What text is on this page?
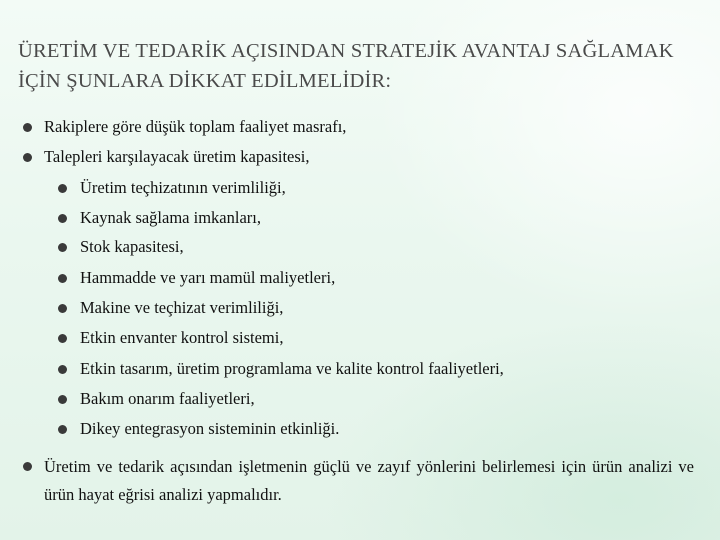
ÜRETİM VE TEDARİK AÇISINDAN STRATEJİK AVANTAJ SAĞLAMAK İÇİN ŞUNLARA DİKKAT EDİLMELİDİR:
Rakiplere göre düşük toplam faaliyet masrafı,
Talepleri karşılayacak üretim kapasitesi,
Üretim teçhizatının verimliliği,
Kaynak sağlama imkanları,
Stok kapasitesi,
Hammadde ve yarı mamül maliyetleri,
Makine ve teçhizat verimliliği,
Etkin envanter kontrol sistemi,
Etkin tasarım, üretim programlama ve kalite kontrol faaliyetleri,
Bakım onarım faaliyetleri,
Dikey entegrasyon sisteminin etkinliği.
Üretim ve tedarik açısından işletmenin güçlü ve zayıf yönlerini belirlemesi için ürün analizi ve ürün hayat eğrisi analizi yapmalıdır.
